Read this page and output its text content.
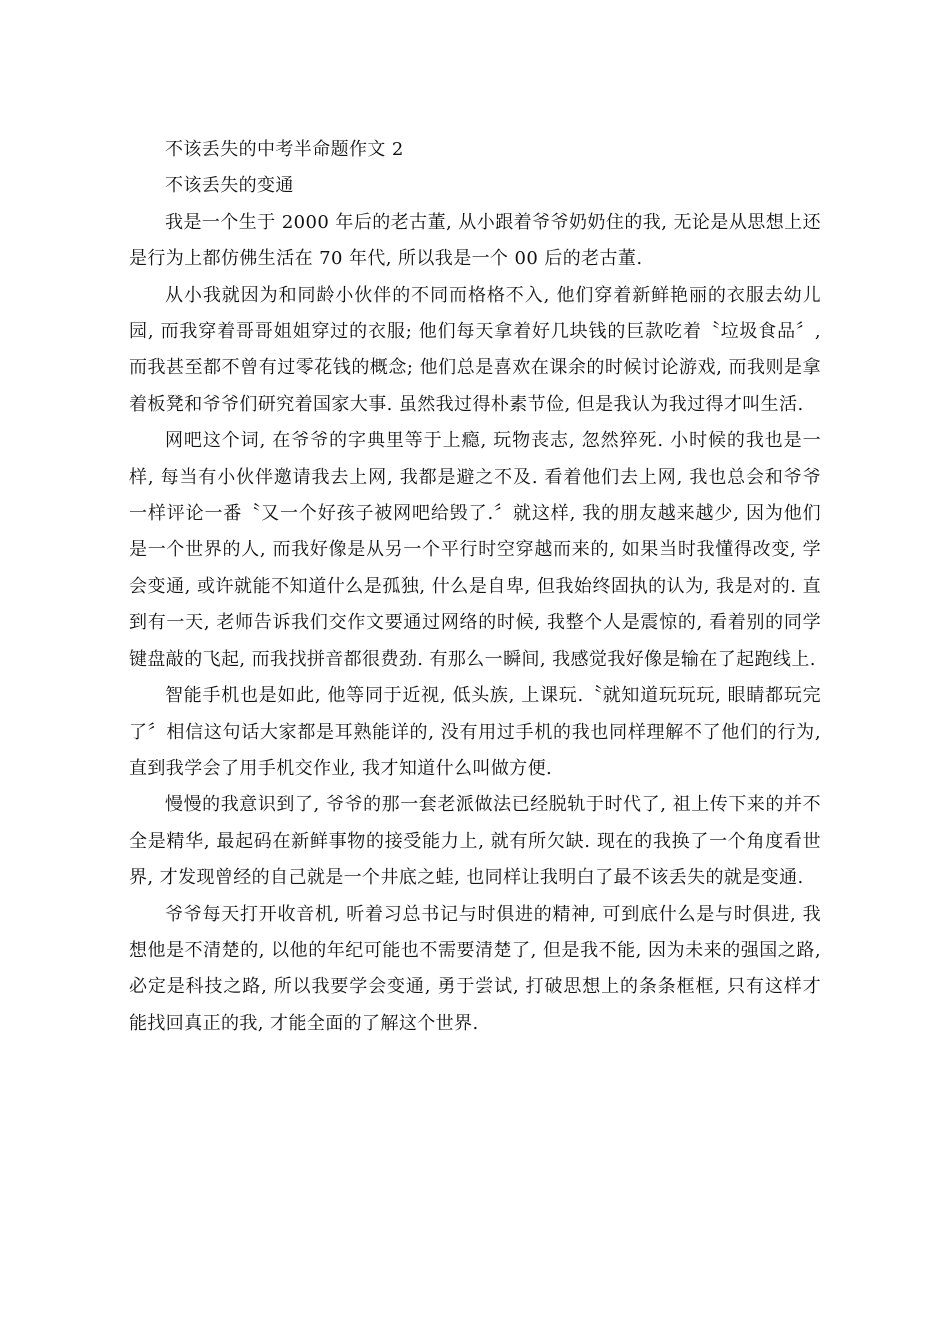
不该丢失的中考半命题作文 2

不该丢失的变通

我是一个生于 2000 年后的老古董, 从小跟着爷爷奶奶住的我, 无论是从思想上还是行为上都仿佛生活在 70 年代, 所以我是一个 00 后的老古董.

从小我就因为和同龄小伙伴的不同而格格不入, 他们穿着新鲜艳丽的衣服去幼儿园, 而我穿着哥哥姐姐穿过的衣服; 他们每天拿着好几块钱的巨款吃着〝垃圾食品〞, 而我甚至都不曾有过零花钱的概念; 他们总是喜欢在课余的时候讨论游戏, 而我则是拿着板凳和爷爷们研究着国家大事. 虽然我过得朴素节俭, 但是我认为我过得才叫生活.

网吧这个词, 在爷爷的字典里等于上瘾, 玩物丧志, 忽然猝死. 小时候的我也是一样, 每当有小伙伴邀请我去上网, 我都是避之不及. 看着他们去上网, 我也总会和爷爷一样评论一番〝又一个好孩子被网吧给毁了.〞就这样, 我的朋友越来越少, 因为他们是一个世界的人, 而我好像是从另一个平行时空穿越而来的, 如果当时我懂得改变, 学会变通, 或许就能不知道什么是孤独, 什么是自卑, 但我始终固执的认为, 我是对的. 直到有一天, 老师告诉我们交作文要通过网络的时候, 我整个人是震惊的, 看着别的同学键盘敲的飞起, 而我找拼音都很费劲. 有那么一瞬间, 我感觉我好像是输在了起跑线上.

智能手机也是如此, 他等同于近视, 低头族, 上课玩.〝就知道玩玩玩, 眼睛都玩完了〞相信这句话大家都是耳熟能详的, 没有用过手机的我也同样理解不了他们的行为, 直到我学会了用手机交作业, 我才知道什么叫做方便.

慢慢的我意识到了, 爷爷的那一套老派做法已经脱轨于时代了, 祖上传下来的并不全是精华, 最起码在新鲜事物的接受能力上, 就有所欠缺. 现在的我换了一个角度看世界, 才发现曾经的自己就是一个井底之蛙, 也同样让我明白了最不该丢失的就是变通.

爷爷每天打开收音机, 听着习总书记与时俱进的精神, 可到底什么是与时俱进, 我想他是不清楚的, 以他的年纪可能也不需要清楚了, 但是我不能, 因为未来的强国之路, 必定是科技之路, 所以我要学会变通, 勇于尝试, 打破思想上的条条框框, 只有这样才能找回真正的我, 才能全面的了解这个世界.
